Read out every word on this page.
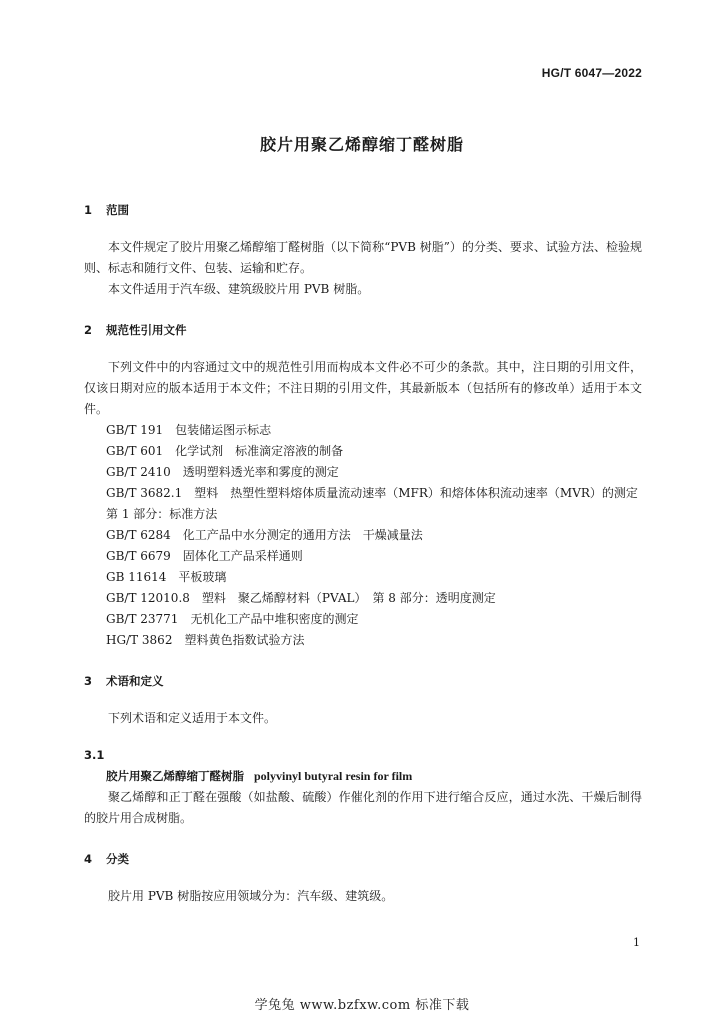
HG/T 6047—2022
胶片用聚乙烯醇缩丁醛树脂

1 范围

本文件规定了胶片用聚乙烯醇缩丁醛树脂（以下简称“PVB 树脂”）的分类、要求、试验方法、检验规则、标志和随行文件、包装、运输和贮存。

本文件适用于汽车级、建筑级胶片用 PVB 树脂。

2 规范性引用文件

下列文件中的内容通过文中的规范性引用而构成本文件必不可少的条款。其中，注日期的引用文件，仅该日期对应的版本适用于本文件；不注日期的引用文件，其最新版本（包括所有的修改单）适用于本文件。

GB/T 191　包装储运图示标志

GB/T 601　化学试剂　标准滴定溶液的制备

GB/T 2410　透明塑料透光率和雾度的测定

GB/T 3682.1　塑料　热塑性塑料熔体质量流动速率（MFR）和熔体体积流动速率（MVR）的测定　第 1 部分：标准方法

GB/T 6284　化工产品中水分测定的通用方法　干燥减量法

GB/T 6679　固体化工产品采样通则

GB 11614　平板玻璃

GB/T 12010.8　塑料　聚乙烯醇材料（PVAL）　第 8 部分：透明度测定

GB/T 23771　无机化工产品中堆积密度的测定

HG/T 3862　塑料黄色指数试验方法

3 术语和定义

下列术语和定义适用于本文件。

3.1

胶片用聚乙烯醇缩丁醛树脂 polyvinyl butyral resin for film

聚乙烯醇和正丁醛在强酸（如盐酸、硫酸）作催化剂的作用下进行缩合反应，通过水洗、干燥后制得的胶片用合成树脂。

4 分类

胶片用 PVB 树脂按应用领域分为：汽车级、建筑级。

1
学兔兔 www.bzfxw.com 标准下载
